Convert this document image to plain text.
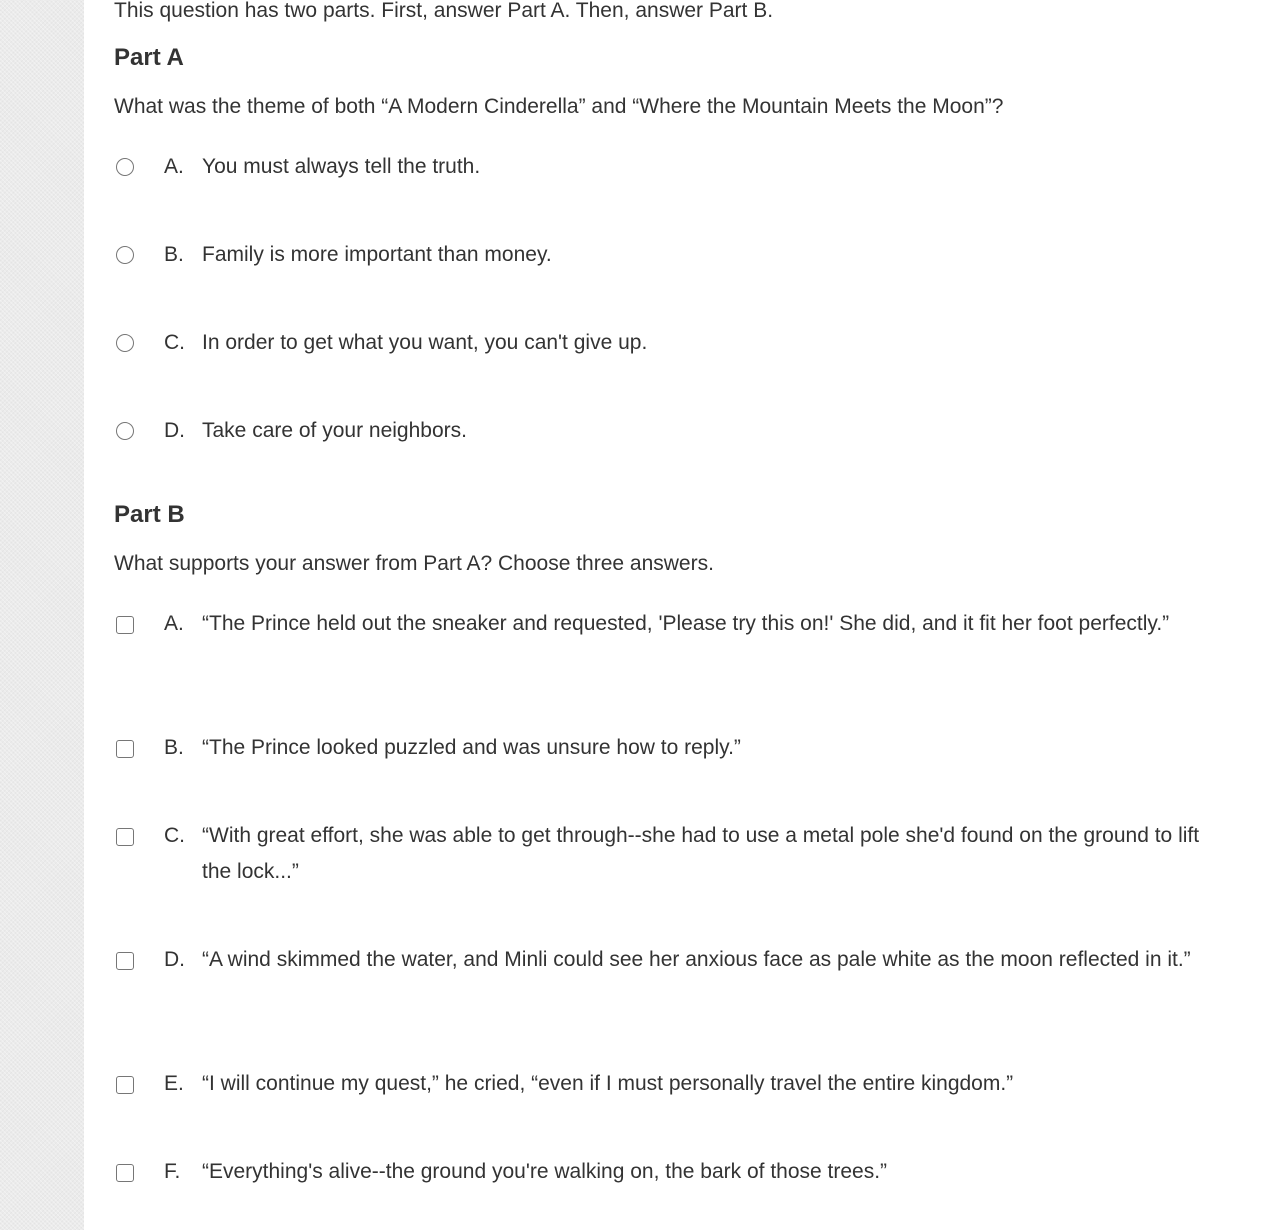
This question has two parts. First, answer Part A. Then, answer Part B.
Part A
What was the theme of both “A Modern Cinderella” and “Where the Mountain Meets the Moon”?
A. You must always tell the truth.
B. Family is more important than money.
C. In order to get what you want, you can't give up.
D. Take care of your neighbors.
Part B
What supports your answer from Part A? Choose three answers.
A. “The Prince held out the sneaker and requested, 'Please try this on!' She did, and it fit her foot perfectly.”
B. “The Prince looked puzzled and was unsure how to reply.”
C. “With great effort, she was able to get through--she had to use a metal pole she'd found on the ground to lift the lock...”
D. “A wind skimmed the water, and Minli could see her anxious face as pale white as the moon reflected in it.”
E. “I will continue my quest,” he cried, “even if I must personally travel the entire kingdom.”
F. “Everything's alive--the ground you're walking on, the bark of those trees.”
